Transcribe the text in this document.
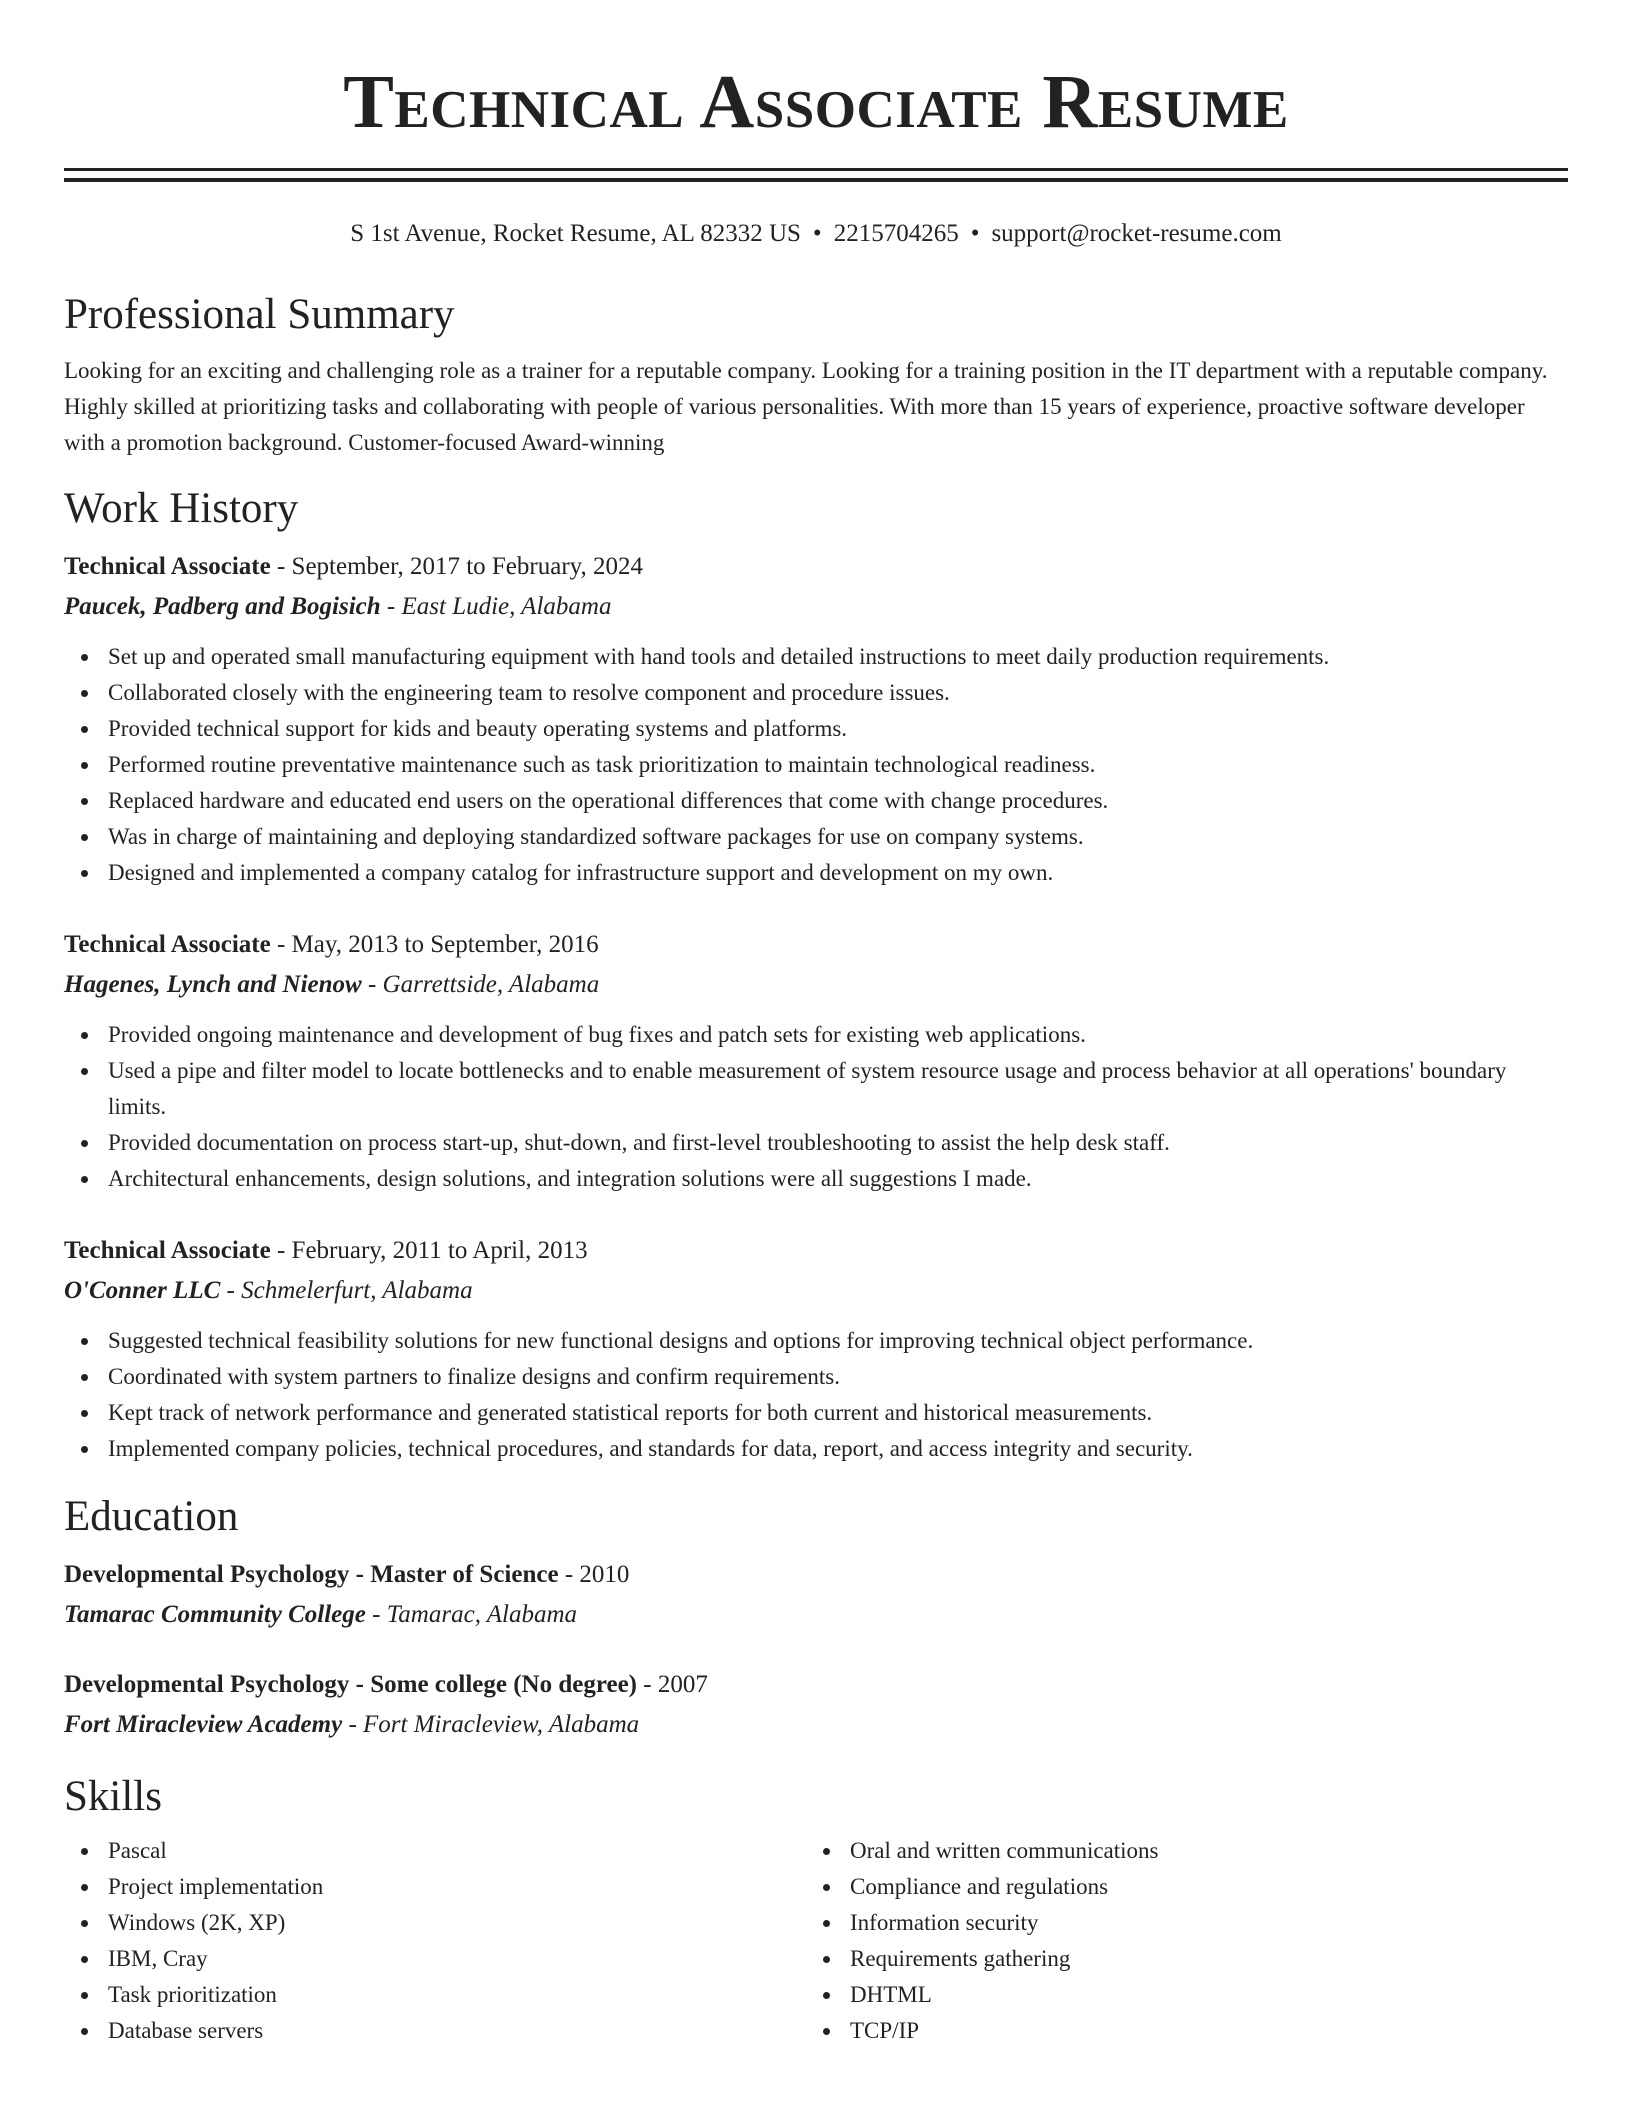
Technical Associate Resume
S 1st Avenue, Rocket Resume, AL 82332 US • 2215704265 • support@rocket-resume.com
Professional Summary

Looking for an exciting and challenging role as a trainer for a reputable company. Looking for a training position in the IT department with a reputable company. Highly skilled at prioritizing tasks and collaborating with people of various personalities. With more than 15 years of experience, proactive software developer with a promotion background. Customer-focused Award-winning

Work History
Technical Associate - September, 2017 to February, 2024
Paucek, Padberg and Bogisich - East Ludie, Alabama
Set up and operated small manufacturing equipment with hand tools and detailed instructions to meet daily production requirements.
Collaborated closely with the engineering team to resolve component and procedure issues.
Provided technical support for kids and beauty operating systems and platforms.
Performed routine preventative maintenance such as task prioritization to maintain technological readiness.
Replaced hardware and educated end users on the operational differences that come with change procedures.
Was in charge of maintaining and deploying standardized software packages for use on company systems.
Designed and implemented a company catalog for infrastructure support and development on my own.
Technical Associate - May, 2013 to September, 2016
Hagenes, Lynch and Nienow - Garrettside, Alabama
Provided ongoing maintenance and development of bug fixes and patch sets for existing web applications.
Used a pipe and filter model to locate bottlenecks and to enable measurement of system resource usage and process behavior at all operations' boundary limits.
Provided documentation on process start-up, shut-down, and first-level troubleshooting to assist the help desk staff.
Architectural enhancements, design solutions, and integration solutions were all suggestions I made.
Technical Associate - February, 2011 to April, 2013
O'Conner LLC - Schmelerfurt, Alabama
Suggested technical feasibility solutions for new functional designs and options for improving technical object performance.
Coordinated with system partners to finalize designs and confirm requirements.
Kept track of network performance and generated statistical reports for both current and historical measurements.
Implemented company policies, technical procedures, and standards for data, report, and access integrity and security.
Education
Developmental Psychology - Master of Science - 2010
Tamarac Community College - Tamarac, Alabama
Developmental Psychology - Some college (No degree) - 2007
Fort Miracleview Academy - Fort Miracleview, Alabama
Skills
Pascal
Project implementation
Windows (2K, XP)
IBM, Cray
Task prioritization
Database servers
Oral and written communications
Compliance and regulations
Information security
Requirements gathering
DHTML
TCP/IP
